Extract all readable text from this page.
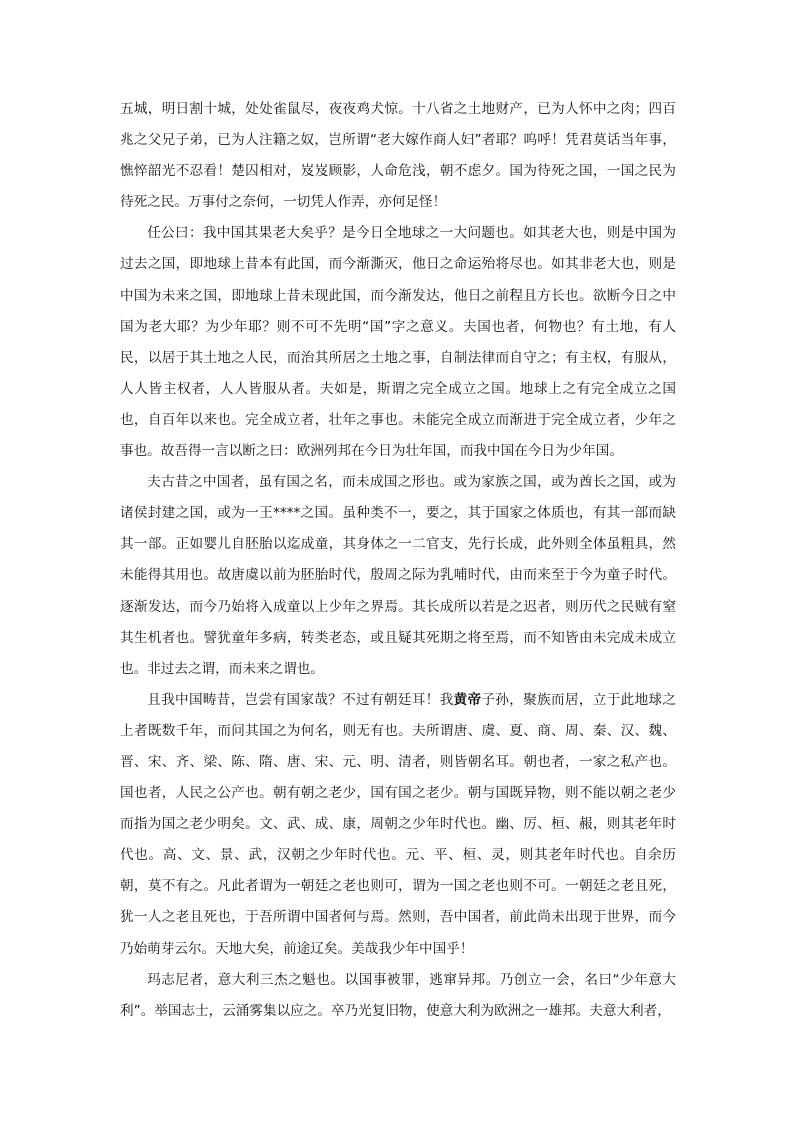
五城，明日割十城，处处雀鼠尽，夜夜鸡犬惊。十八省之土地财产，已为人怀中之肉；四百兆之父兄子弟，已为人注籍之奴，岂所谓“老大嫁作商人妇”者耶？呜呼！凭君莫话当年事，憔悴韶光不忍看！楚囚相对，岌岌顾影，人命危浅，朝不虑夕。国为待死之国，一国之民为待死之民。万事付之奈何，一切凭人作弄，亦何足怪！

任公曰：我中国其果老大矣乎？是今日全地球之一大问题也。如其老大也，则是中国为过去之国，即地球上昔本有此国，而今渐澌灭，他日之命运殆将尽也。如其非老大也，则是中国为未来之国，即地球上昔未现此国，而今渐发达，他日之前程且方长也。欲断今日之中国为老大耶？为少年耶？则不可不先明“国”字之意义。夫国也者，何物也？有土地，有人民，以居于其土地之人民，而治其所居之土地之事，自制法律而自守之；有主权，有服从，人人皆主权者，人人皆服从者。夫如是，斯谓之完全成立之国。地球上之有完全成立之国也，自百年以来也。完全成立者，壮年之事也。未能完全成立而渐进于完全成立者，少年之事也。故吾得一言以断之曰：欧洲列邦在今日为壮年国，而我中国在今日为少年国。

夫古昔之中国者，虽有国之名，而未成国之形也。或为家族之国，或为酋长之国，或为诸侯封建之国，或为一王****之国。虽种类不一，要之，其于国家之体质也，有其一部而缺其一部。正如婴儿自胚胎以迄成童，其身体之一二官支，先行长成，此外则全体虽粗具，然未能得其用也。故唐虞以前为胚胎时代，殷周之际为乳哺时代，由而来至于今为童子时代。逐渐发达，而今乃始将入成童以上少年之界焉。其长成所以若是之迟者，则历代之民贼有窒其生机者也。譬犹童年多病，转类老态，或且疑其死期之将至焉，而不知皆由未完成未成立也。非过去之谓，而未来之谓也。

且我中国畴昔，岂尝有国家哉？不过有朝廷耳！我黄帝子孙，聚族而居，立于此地球之上者既数千年，而问其国之为何名，则无有也。夫所谓唐、虞、夏、商、周、秦、汉、魏、晋、宋、齐、梁、陈、隋、唐、宋、元、明、清者，则皆朝名耳。朝也者，一家之私产也。国也者，人民之公产也。朝有朝之老少，国有国之老少。朝与国既异物，则不能以朝之老少而指为国之老少明矣。文、武、成、康，周朝之少年时代也。幽、厉、桓、赧，则其老年时代也。高、文、景、武，汉朝之少年时代也。元、平、桓、灵，则其老年时代也。自余历朝，莫不有之。凡此者谓为一朝廷之老也则可，谓为一国之老也则不可。一朝廷之老且死，犹一人之老且死也，于吾所谓中国者何与焉。然则，吾中国者，前此尚未出现于世界，而今乃始萌芽云尔。天地大矣，前途辽矣。美哉我少年中国乎！

玛志尼者，意大利三杰之魁也。以国事被罪，逃窜异邦。乃创立一会，名曰“少年意大利”。举国志士，云涌雾集以应之。卒乃光复旧物，使意大利为欧洲之一雄邦。夫意大利者，
